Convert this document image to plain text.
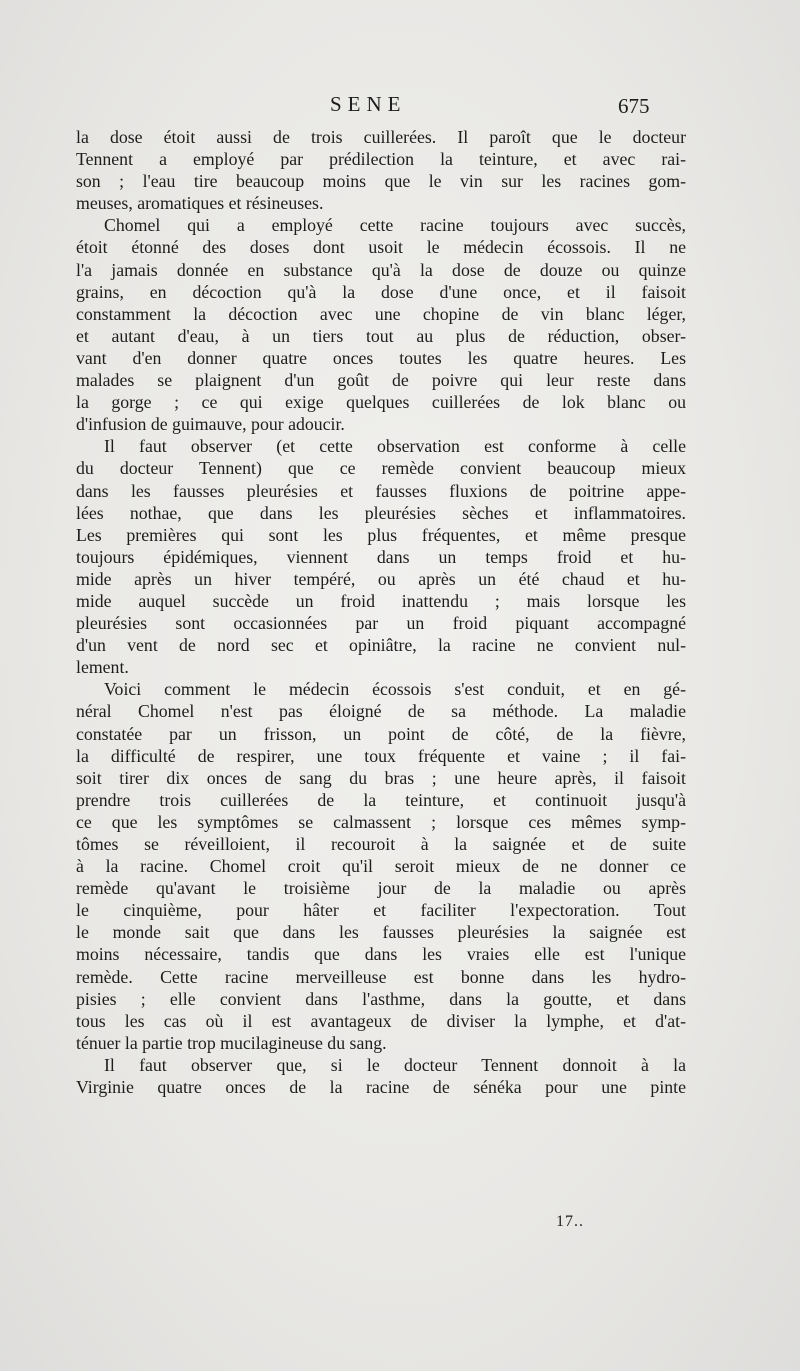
SENE	675
la dose étoit aussi de trois cuillerées. Il paroît que le docteur
Tennent a employé par prédilection la teinture, et avec rai-
son ; l'eau tire beaucoup moins que le vin sur les racines gom-
meuses, aromatiques et résineuses.
Chomel qui a employé cette racine toujours avec succès,
étoit étonné des doses dont usoit le médecin écossois. Il ne
l'a jamais donnée en substance qu'à la dose de douze ou quinze
grains, en décoction qu'à la dose d'une once, et il faisoit
constamment la décoction avec une chopine de vin blanc léger,
et autant d'eau, à un tiers tout au plus de réduction, obser-
vant d'en donner quatre onces toutes les quatre heures. Les
malades se plaignent d'un goût de poivre qui leur reste dans
la gorge ; ce qui exige quelques cuillerées de lok blanc ou
d'infusion de guimauve, pour adoucir.
Il faut observer (et cette observation est conforme à celle
du docteur Tennent) que ce remède convient beaucoup mieux
dans les fausses pleurésies et fausses fluxions de poitrine appe-
lées nothae, que dans les pleurésies sèches et inflammatoires.
Les premières qui sont les plus fréquentes, et même presque
toujours épidémiques, viennent dans un temps froid et hu-
mide après un hiver tempéré, ou après un été chaud et hu-
mide auquel succède un froid inattendu ; mais lorsque les
pleurésies sont occasionnées par un froid piquant accompagné
d'un vent de nord sec et opiniâtre, la racine ne convient nul-
lement.
Voici comment le médecin écossois s'est conduit, et en gé-
néral Chomel n'est pas éloigné de sa méthode. La maladie
constatée par un frisson, un point de côté, de la fièvre,
la difficulté de respirer, une toux fréquente et vaine ; il fai-
soit tirer dix onces de sang du bras ; une heure après, il faisoit
prendre trois cuillerées de la teinture, et continuoit jusqu'à
ce que les symptômes se calmassent ; lorsque ces mêmes symp-
tômes se réveilloient, il recouroit à la saignée et de suite
à la racine. Chomel croit qu'il seroit mieux de ne donner ce
remède qu'avant le troisième jour de la maladie ou après
le cinquième, pour hâter et faciliter l'expectoration. Tout
le monde sait que dans les fausses pleurésies la saignée est
moins nécessaire, tandis que dans les vraies elle est l'unique
remède. Cette racine merveilleuse est bonne dans les hydro-
pisies ; elle convient dans l'asthme, dans la goutte, et dans
tous les cas où il est avantageux de diviser la lymphe, et d'at-
ténuer la partie trop mucilagineuse du sang.
Il faut observer que, si le docteur Tennent donnoit à la
Virginie quatre onces de la racine de sénéka pour une pinte
17..
